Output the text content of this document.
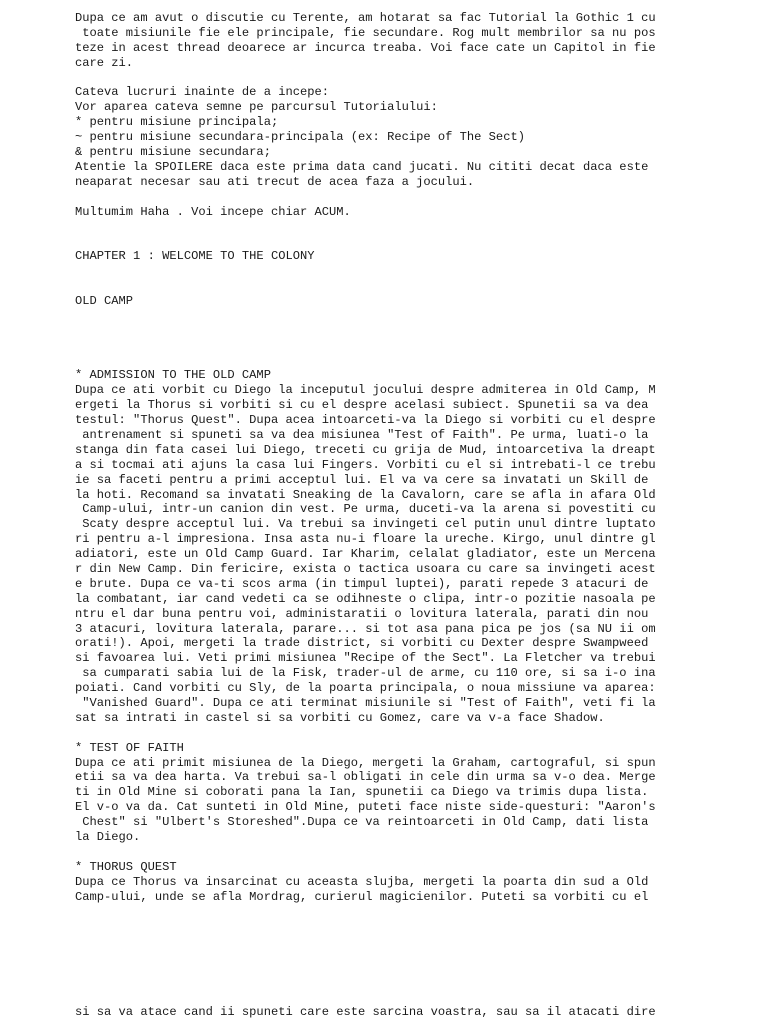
Dupa ce am avut o discutie cu Terente, am hotarat sa fac Tutorial la Gothic 1 cu
toate misiunile fie ele principale, fie secundare. Rog mult membrilor sa nu pos
teze in acest thread deoarece ar incurca treaba. Voi face cate un Capitol in fie
care zi.
Cateva lucruri inainte de a incepe:
Vor aparea cateva semne pe parcursul Tutorialului:
* pentru misiune principala;
~ pentru misiune secundara-principala (ex: Recipe of The Sect)
& pentru misiune secundara;
Atentie la SPOILERE daca este prima data cand jucati. Nu cititi decat daca este
neaparat necesar sau ati trecut de acea faza a jocului.
Multumim Haha . Voi incepe chiar ACUM.
CHAPTER 1 : WELCOME TO THE COLONY
OLD CAMP
* ADMISSION TO THE OLD CAMP
Dupa ce ati vorbit cu Diego la inceputul jocului despre admiterea in Old Camp, M
ergeti la Thorus si vorbiti si cu el despre acelasi subiect. Spunetii sa va dea
testul: "Thorus Quest". Dupa acea intoarceti-va la Diego si vorbiti cu el despre
antrenament si spuneti sa va dea misiunea "Test of Faith". Pe urma, luati-o la
stanga din fata casei lui Diego, treceti cu grija de Mud, intoarcetiva la dreapt
a si tocmai ati ajuns la casa lui Fingers. Vorbiti cu el si intrebati-l ce trebu
ie sa faceti pentru a primi acceptul lui. El va va cere sa invatati un Skill de
la hoti. Recomand sa invatati Sneaking de la Cavalorn, care se afla in afara Old
Camp-ului, intr-un canion din vest. Pe urma, duceti-va la arena si povestiti cu
Scaty despre acceptul lui. Va trebui sa invingeti cel putin unul dintre luptato
ri pentru a-l impresiona. Insa asta nu-i floare la ureche. Kirgo, unul dintre gl
adiatori, este un Old Camp Guard. Iar Kharim, celalat gladiator, este un Mercena
r din New Camp. Din fericire, exista o tactica usoara cu care sa invingeti acest
e brute. Dupa ce va-ti scos arma (in timpul luptei), parati repede 3 atacuri de
la combatant, iar cand vedeti ca se odihneste o clipa, intr-o pozitie nasoala pe
ntru el dar buna pentru voi, administaratii o lovitura laterala, parati din nou
3 atacuri, lovitura laterala, parare... si tot asa pana pica pe jos (sa NU ii om
orati!). Apoi, mergeti la trade district, si vorbiti cu Dexter despre Swampweed
si favoarea lui. Veti primi misiunea "Recipe of the Sect". La Fletcher va trebui
sa cumparati sabia lui de la Fisk, trader-ul de arme, cu 110 ore, si sa i-o ina
poiati. Cand vorbiti cu Sly, de la poarta principala, o noua missiune va aparea:
"Vanished Guard". Dupa ce ati terminat misiunile si "Test of Faith", veti fi la
sat sa intrati in castel si sa vorbiti cu Gomez, care va v-a face Shadow.
* TEST OF FAITH
Dupa ce ati primit misiunea de la Diego, mergeti la Graham, cartograful, si spun
etii sa va dea harta. Va trebui sa-l obligati in cele din urma sa v-o dea. Merge
ti in Old Mine si coborati pana la Ian, spunetii ca Diego va trimis dupa lista.
El v-o va da. Cat sunteti in Old Mine, puteti face niste side-questuri: "Aaron's
Chest" si "Ulbert's Storeshed".Dupa ce va reintoarceti in Old Camp, dati lista
la Diego.
* THORUS QUEST
Dupa ce Thorus va insarcinat cu aceasta slujba, mergeti la poarta din sud a Old
Camp-ului, unde se afla Mordrag, curierul magicienilor. Puteti sa vorbiti cu el
si sa va atace cand ii spuneti care este sarcina voastra, sau sa il atacati dire
